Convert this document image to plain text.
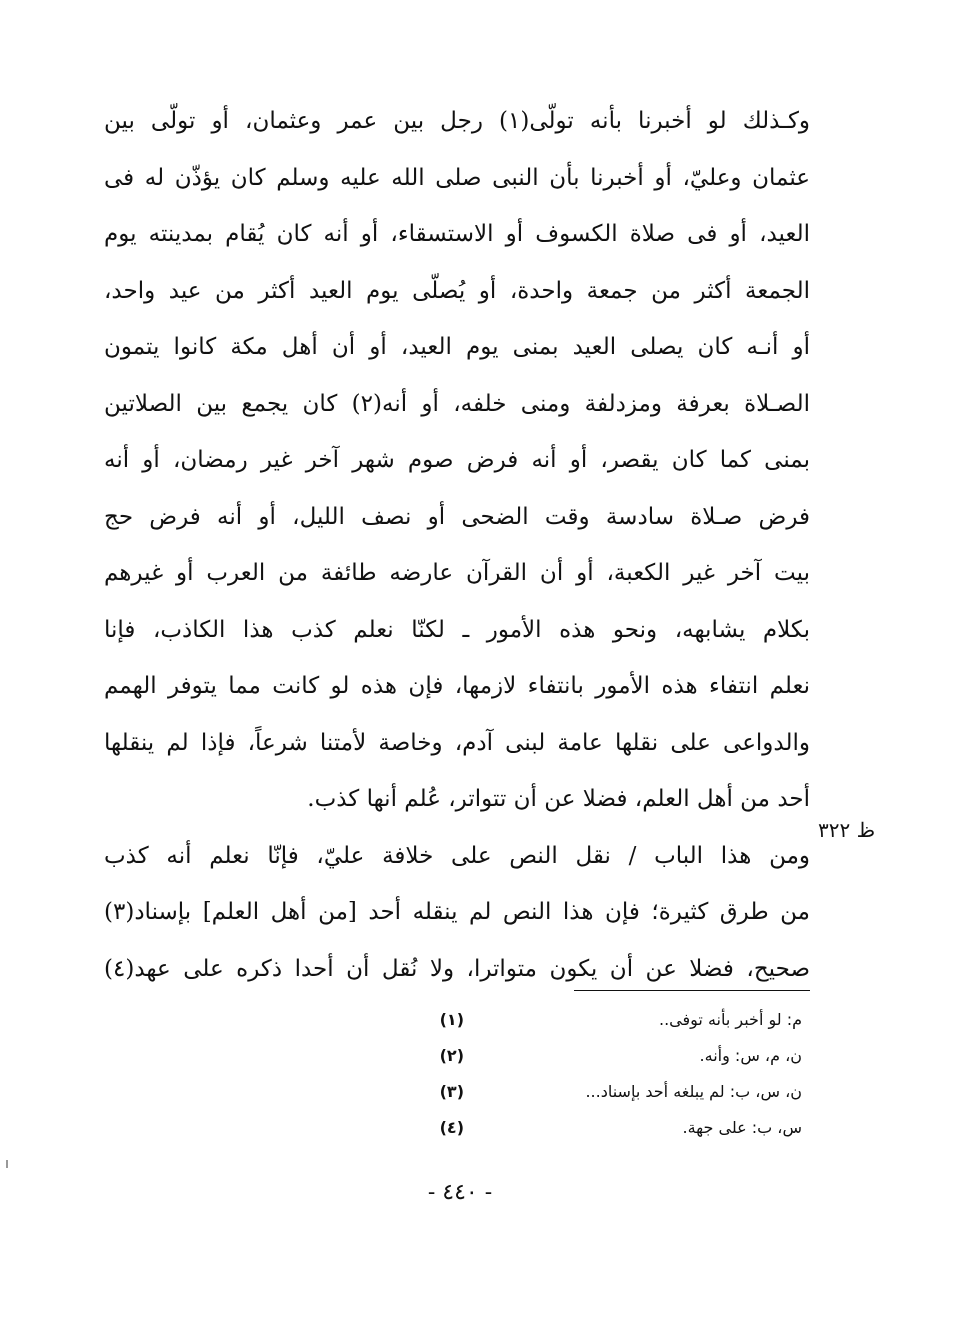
وكـذلك لو أخبرنا بأنه تولّى(١) رجل بين عمر وعثمان، أو تولّى بين
عثمان وعليّ، أو أخبرنا بأن النبى صلى الله عليه وسلم كان يؤذّن له فى
العيد، أو فى صلاة الكسوف أو الاستسقاء، أو أنه كان يُقام بمدينته يوم
الجمعة أكثر من جمعة واحدة، أو يُصلّى يوم العيد أكثر من عيد واحد،
أو أنـه كان يصلى العيد بمنى يوم العيد، أو أن أهل مكة كانوا يتمون
الصـلاة بعرفة ومزدلفة ومنى خلفه، أو أنه(٢) كان يجمع بين الصلاتين
بمنى كما كان يقصر، أو أنه فرض صوم شهر آخر غير رمضان، أو أنه
فرض صـلاة سادسة وقت الضحى أو نصف الليل، أو أنه فرض حج
بيت آخر غير الكعبة، أو أن القرآن عارضه طائفة من العرب أو غيرهم
بكلام يشابهه، ونحو هذه الأمور ـ لكنّا نعلم كذب هذا الكاذب، فإنا
نعلم انتفاء هذه الأمور بانتفاء لازمها، فإن هذه لو كانت مما يتوفر الهمم
والدواعى على نقلها عامة لبنى آدم، وخاصة لأمتنا شرعاً، فإذا لم ينقلها
أحد من أهل العلم، فضلا عن أن تتواتر، عُلم أنها كذب.
ومن هذا الباب / نقل النص على خلافة عليّ، فإنّا نعلم أنه كذب
من طرق كثيرة؛ فإن هذا النص لم ينقله أحد [من أهل العلم] بإسناد(٣)
صحيح، فضلا عن أن يكون متواترا، ولا نُقل أن أحدا ذكره على عهد(٤)
ظ ٣٢٢
(١)	م: لو أخبر بأنه توفى..
(٢)	ن، م، س: وأنه.
(٣)	ن، س، ب: لم يبلغه أحد بإسناد...
(٤)	س، ب: على جهة.
- ٤٤٠ -
